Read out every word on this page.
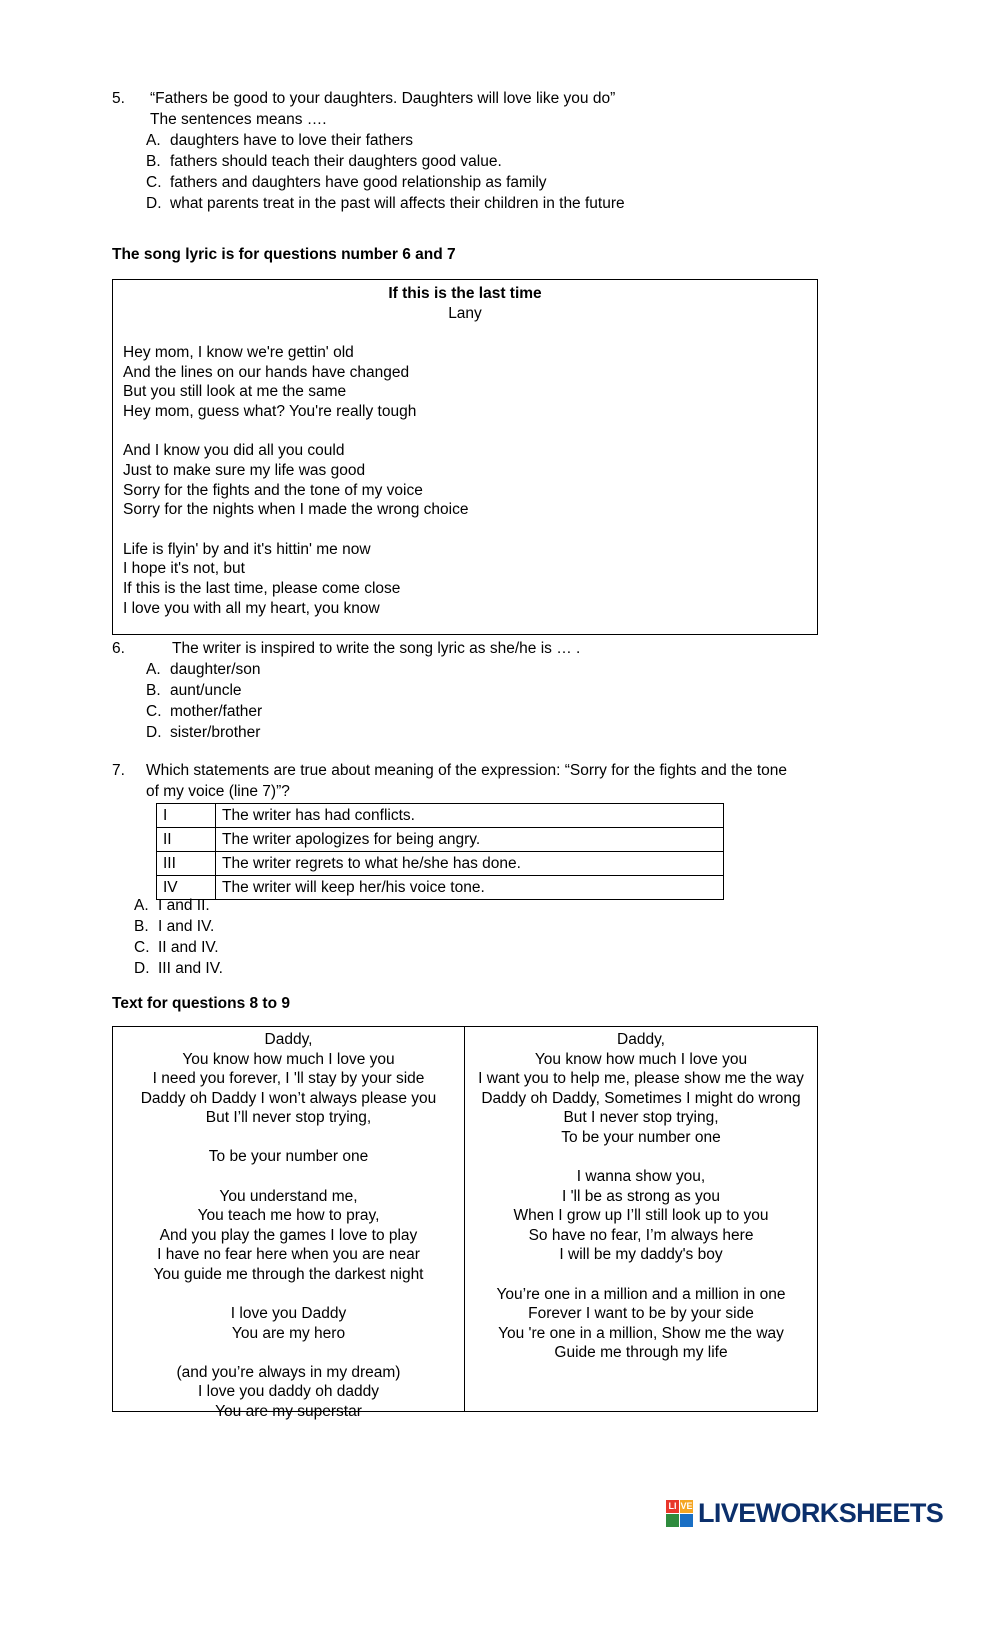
5.	“Fathers be good to your daughters. Daughters will love like you do”
The sentences means ….
A. daughters have to love their fathers
B. fathers should teach their daughters good value.
C. fathers and daughters have good relationship as family
D. what parents treat in the past will affects their children in the future
The song lyric is for questions number 6 and 7
If this is the last time
Lany
Hey mom, I know we're gettin' old
And the lines on our hands have changed
But you still look at me the same
Hey mom, guess what? You're really tough
And I know you did all you could
Just to make sure my life was good
Sorry for the fights and the tone of my voice
Sorry for the nights when I made the wrong choice
Life is flyin' by and it's hittin' me now
I hope it's not, but
If this is the last time, please come close
I love you with all my heart, you know
6.	The writer is inspired to write the song lyric as she/he is … .
A. daughter/son
B. aunt/uncle
C. mother/father
D. sister/brother
7.	Which statements are true about meaning of the expression: “Sorry for the fights and the tone
of my voice (line 7)”?
I	The writer has had conflicts.
II	The writer apologizes for being angry.
III	The writer regrets to what he/she has done.
IV	The writer will keep her/his voice tone.
A. I and II.
B. I and IV.
C. II and IV.
D. III and IV.
Text for questions 8 to 9
Daddy,
You know how much I love you
I need you forever, I 'll stay by your side
Daddy oh Daddy I won’t always please you
But I’ll never stop trying,
To be your number one
You understand me,
You teach me how to pray,
And you play the games I love to play
I have no fear here when you are near
You guide me through the darkest night
I love you Daddy
You are my hero
(and you’re always in my dream)
I love you daddy oh daddy
You are my superstar
Daddy,
You know how much I love you
I want you to help me, please show me the way
Daddy oh Daddy, Sometimes I might do wrong
But I never stop trying,
To be your number one
I wanna show you,
I 'll be as strong as you
When I grow up I’ll still look up to you
So have no fear, I’m always here
I will be my daddy's boy
You’re one in a million and a million in one
Forever I want to be by your side
You 're one in a million, Show me the way
Guide me through my life
LI VE LIVEWORKSHEETS
